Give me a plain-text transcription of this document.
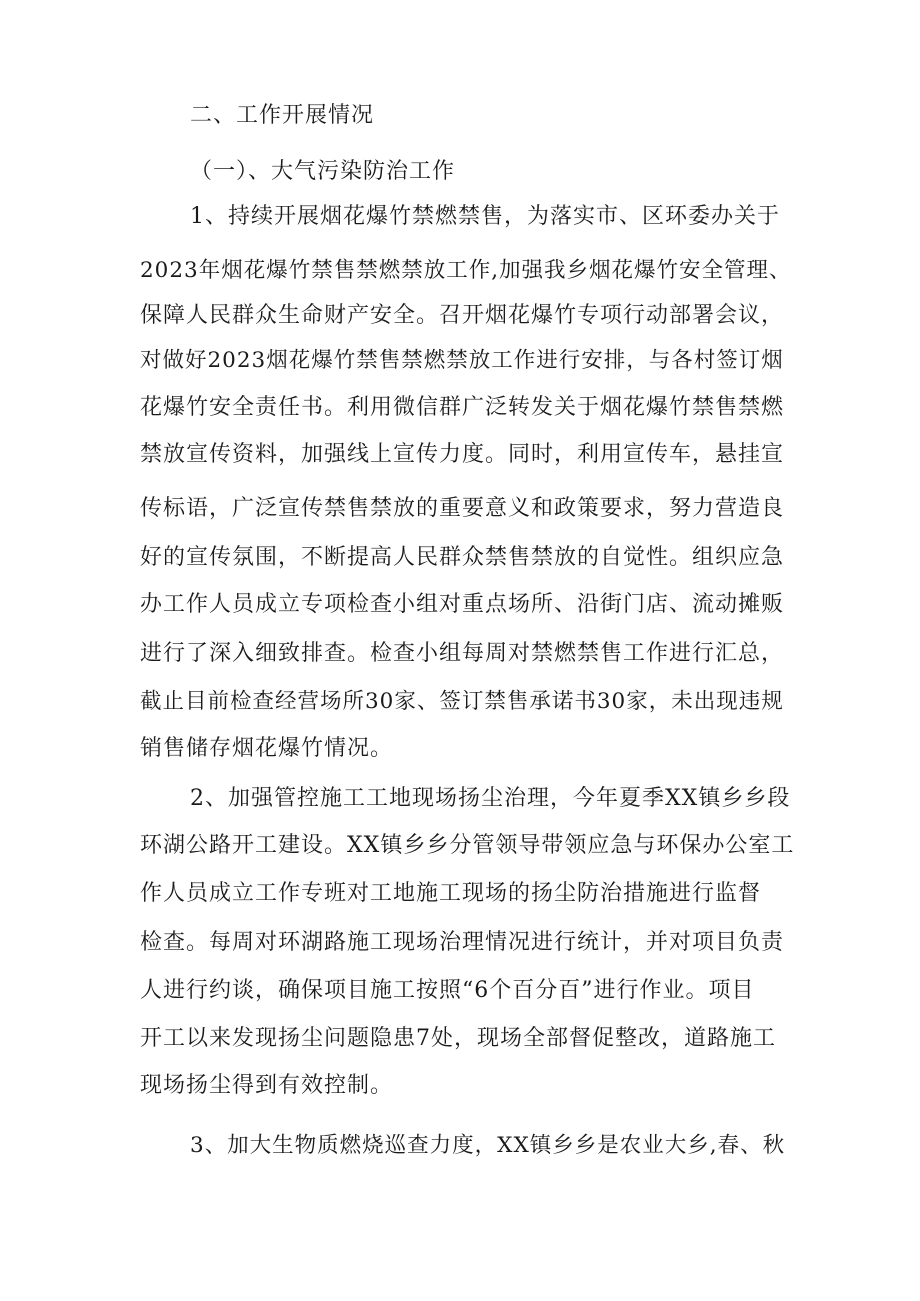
二、工作开展情况
（一）、大气污染防治工作
1、持续开展烟花爆竹禁燃禁售，为落实市、区环委办关于
2023年烟花爆竹禁售禁燃禁放工作,加强我乡烟花爆竹安全管理、
保障人民群众生命财产安全。召开烟花爆竹专项行动部署会议，
对做好2023烟花爆竹禁售禁燃禁放工作进行安排，与各村签订烟
花爆竹安全责任书。利用微信群广泛转发关于烟花爆竹禁售禁燃
禁放宣传资料，加强线上宣传力度。同时，利用宣传车，悬挂宣
传标语，广泛宣传禁售禁放的重要意义和政策要求，努力营造良
好的宣传氛围，不断提高人民群众禁售禁放的自觉性。组织应急
办工作人员成立专项检查小组对重点场所、沿街门店、流动摊贩
进行了深入细致排查。检查小组每周对禁燃禁售工作进行汇总，
截止目前检查经营场所30家、签订禁售承诺书30家，未出现违规
销售储存烟花爆竹情况。
2、加强管控施工工地现场扬尘治理，今年夏季XX镇乡乡段
环湖公路开工建设。XX镇乡乡分管领导带领应急与环保办公室工
作人员成立工作专班对工地施工现场的扬尘防治措施进行监督
检查。每周对环湖路施工现场治理情况进行统计，并对项目负责
人进行约谈，确保项目施工按照“6个百分百”进行作业。项目
开工以来发现扬尘问题隐患7处，现场全部督促整改，道路施工
现场扬尘得到有效控制。
3、加大生物质燃烧巡查力度，XX镇乡乡是农业大乡,春、秋
